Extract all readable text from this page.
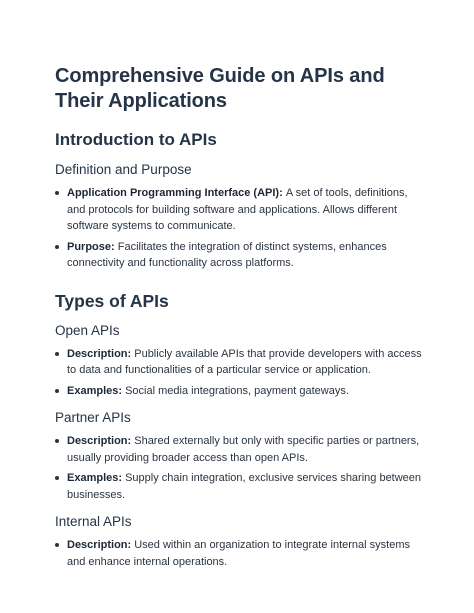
Comprehensive Guide on APIs and Their Applications
Introduction to APIs
Definition and Purpose
Application Programming Interface (API): A set of tools, definitions, and protocols for building software and applications. Allows different software systems to communicate.
Purpose: Facilitates the integration of distinct systems, enhances connectivity and functionality across platforms.
Types of APIs
Open APIs
Description: Publicly available APIs that provide developers with access to data and functionalities of a particular service or application.
Examples: Social media integrations, payment gateways.
Partner APIs
Description: Shared externally but only with specific parties or partners, usually providing broader access than open APIs.
Examples: Supply chain integration, exclusive services sharing between businesses.
Internal APIs
Description: Used within an organization to integrate internal systems and enhance internal operations.
